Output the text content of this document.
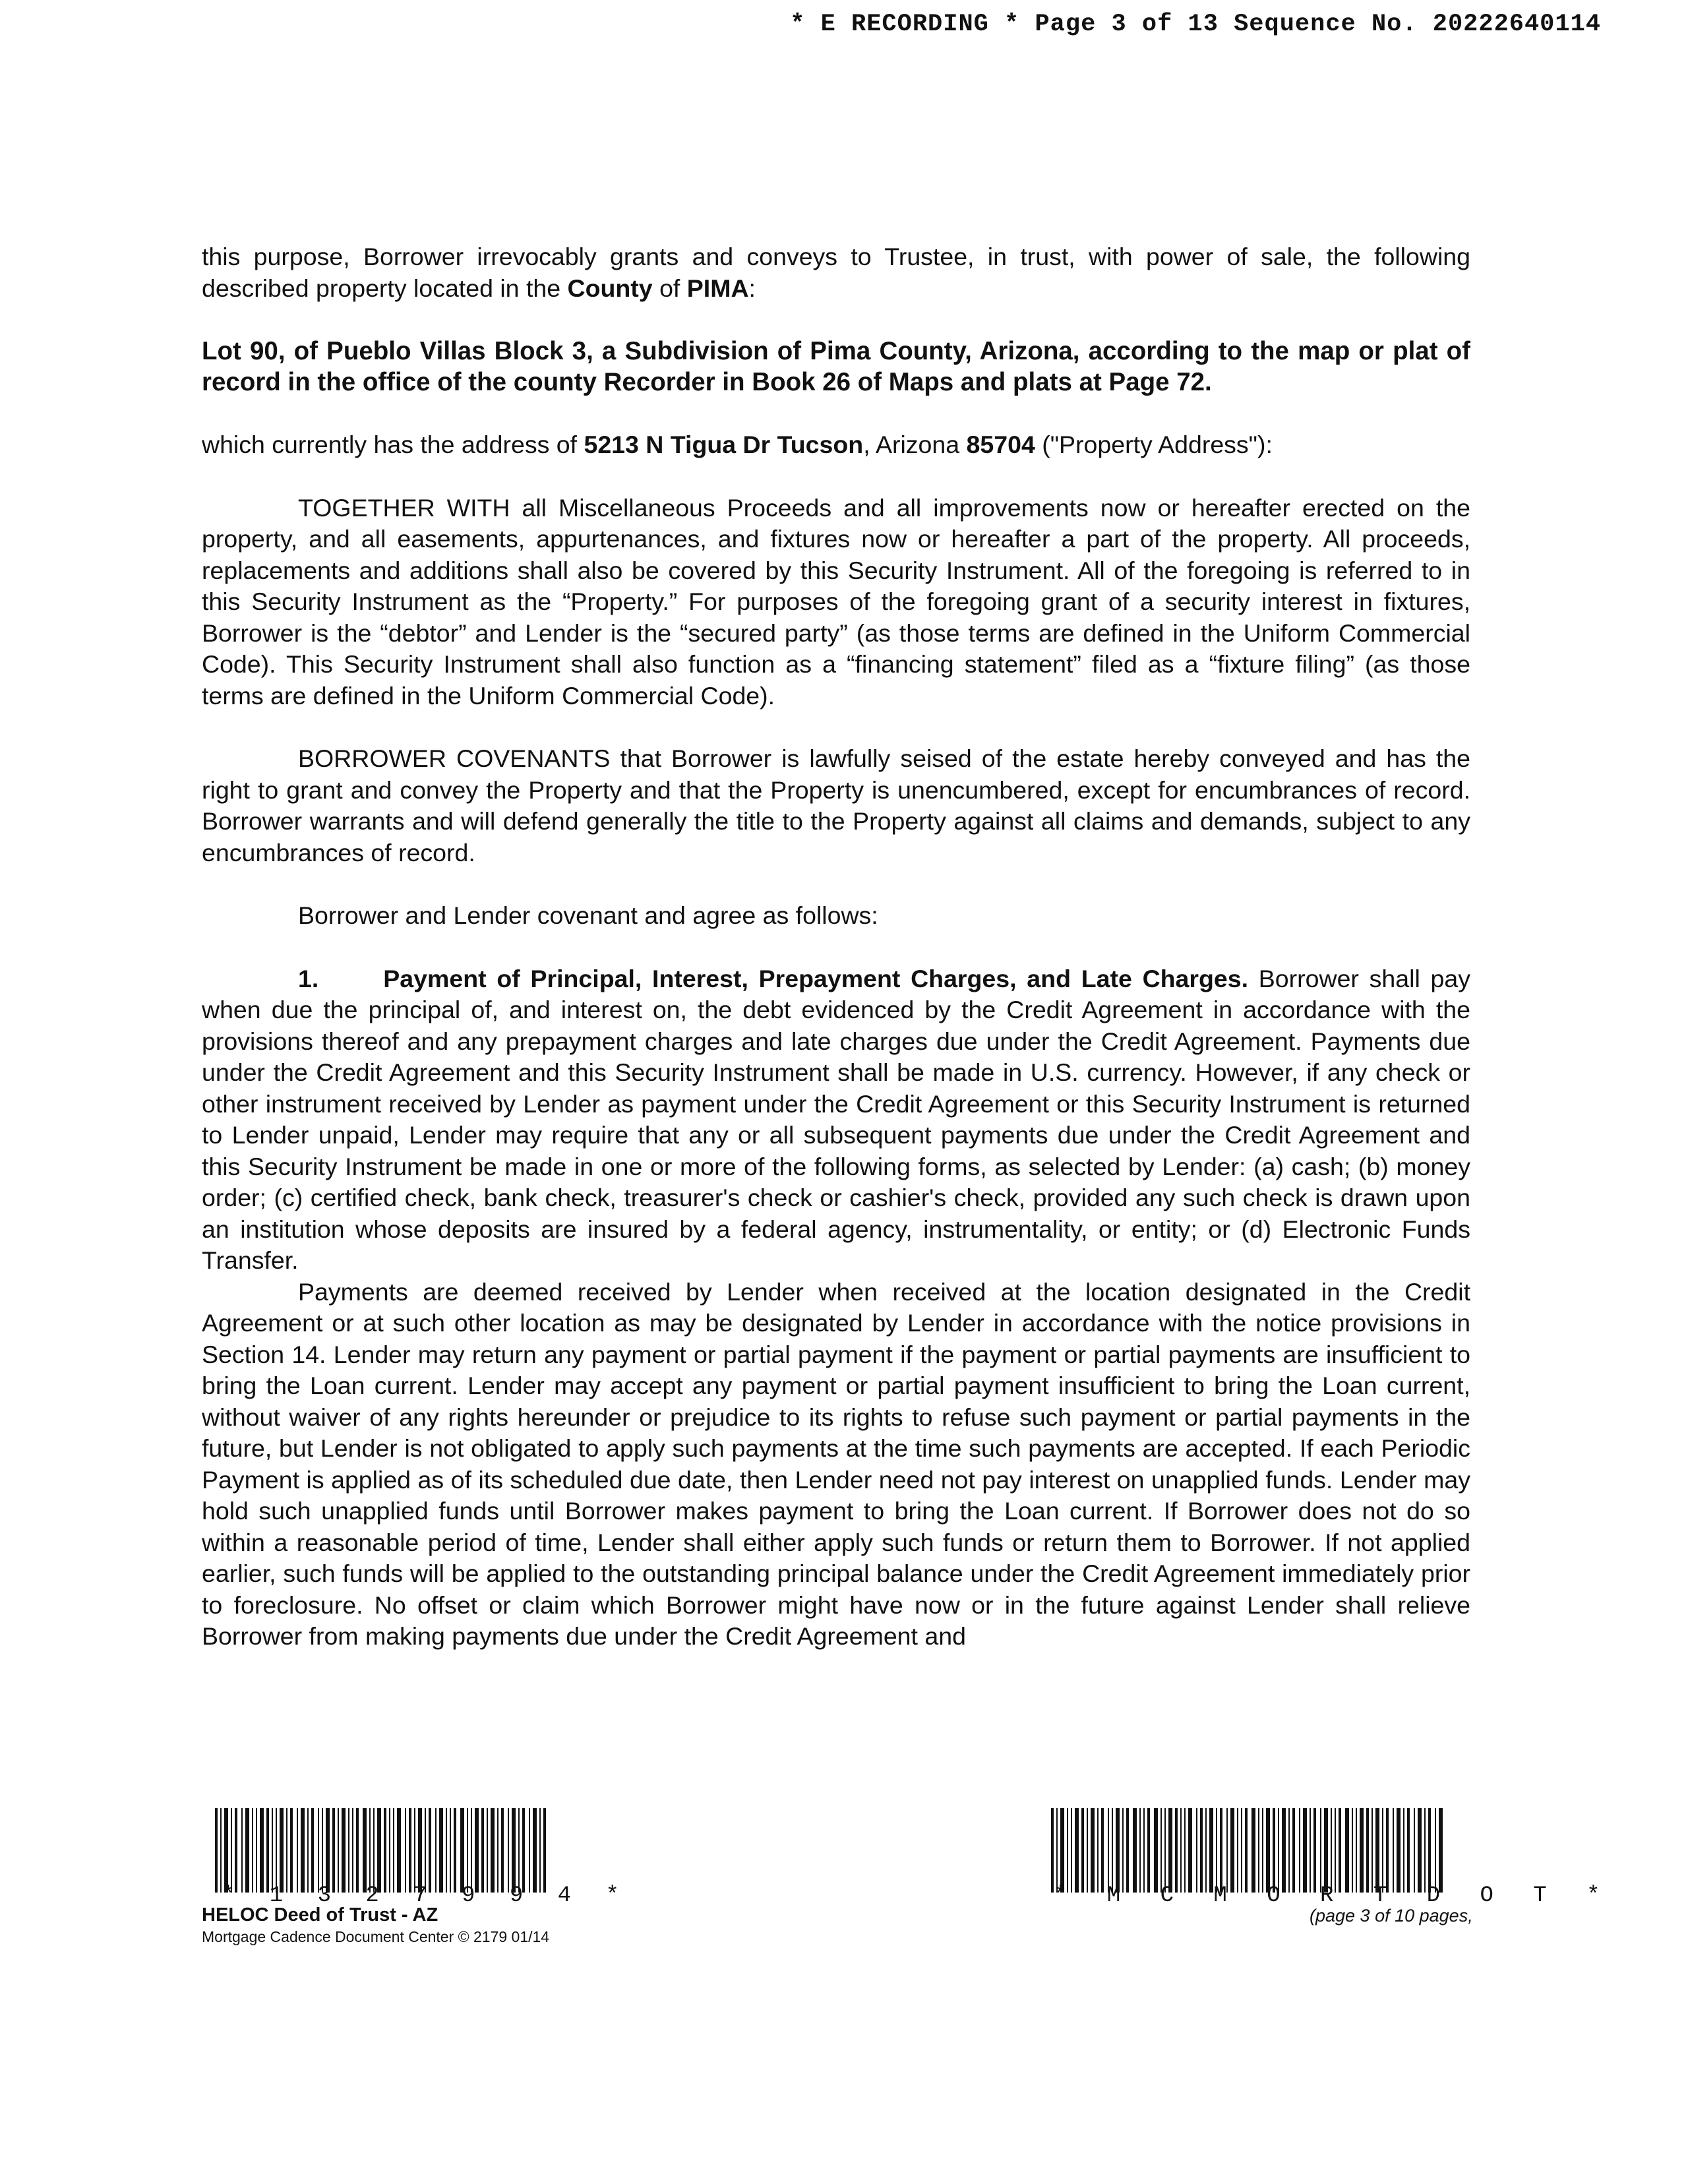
* E RECORDING * Page 3 of 13 Sequence No. 20222640114

this purpose, Borrower irrevocably grants and conveys to Trustee, in trust, with power of sale, the following described property located in the County of PIMA:

Lot 90, of Pueblo Villas Block 3, a Subdivision of Pima County, Arizona, according to the map or plat of record in the office of the county Recorder in Book 26 of Maps and plats at Page 72.

which currently has the address of 5213 N Tigua Dr Tucson, Arizona 85704 ("Property Address"):

TOGETHER WITH all Miscellaneous Proceeds and all improvements now or hereafter erected on the property, and all easements, appurtenances, and fixtures now or hereafter a part of the property. All proceeds, replacements and additions shall also be covered by this Security Instrument. All of the foregoing is referred to in this Security Instrument as the “Property.” For purposes of the foregoing grant of a security interest in fixtures, Borrower is the “debtor” and Lender is the “secured party” (as those terms are defined in the Uniform Commercial Code). This Security Instrument shall also function as a “financing statement” filed as a “fixture filing” (as those terms are defined in the Uniform Commercial Code).

BORROWER COVENANTS that Borrower is lawfully seised of the estate hereby conveyed and has the right to grant and convey the Property and that the Property is unencumbered, except for encumbrances of record. Borrower warrants and will defend generally the title to the Property against all claims and demands, subject to any encumbrances of record.

Borrower and Lender covenant and agree as follows:

1.	Payment of Principal, Interest, Prepayment Charges, and Late Charges. Borrower shall pay when due the principal of, and interest on, the debt evidenced by the Credit Agreement in accordance with the provisions thereof and any prepayment charges and late charges due under the Credit Agreement. Payments due under the Credit Agreement and this Security Instrument shall be made in U.S. currency. However, if any check or other instrument received by Lender as payment under the Credit Agreement or this Security Instrument is returned to Lender unpaid, Lender may require that any or all subsequent payments due under the Credit Agreement and this Security Instrument be made in one or more of the following forms, as selected by Lender: (a) cash; (b) money order; (c) certified check, bank check, treasurer's check or cashier's check, provided any such check is drawn upon an institution whose deposits are insured by a federal agency, instrumentality, or entity; or (d) Electronic Funds Transfer.

Payments are deemed received by Lender when received at the location designated in the Credit Agreement or at such other location as may be designated by Lender in accordance with the notice provisions in Section 14. Lender may return any payment or partial payment if the payment or partial payments are insufficient to bring the Loan current. Lender may accept any payment or partial payment insufficient to bring the Loan current, without waiver of any rights hereunder or prejudice to its rights to refuse such payment or partial payments in the future, but Lender is not obligated to apply such payments at the time such payments are accepted. If each Periodic Payment is applied as of its scheduled due date, then Lender need not pay interest on unapplied funds. Lender may hold such unapplied funds until Borrower makes payment to bring the Loan current. If Borrower does not do so within a reasonable period of time, Lender shall either apply such funds or return them to Borrower. If not applied earlier, such funds will be applied to the outstanding principal balance under the Credit Agreement immediately prior to foreclosure. No offset or claim which Borrower might have now or in the future against Lender shall relieve Borrower from making payments due under the Credit Agreement and

* 1 3 2 7 9 9 4 *	* M C M O R T D O T *
HELOC Deed of Trust - AZ
Mortgage Cadence Document Center © 2179 01/14
(page 3 of 10 pages,
